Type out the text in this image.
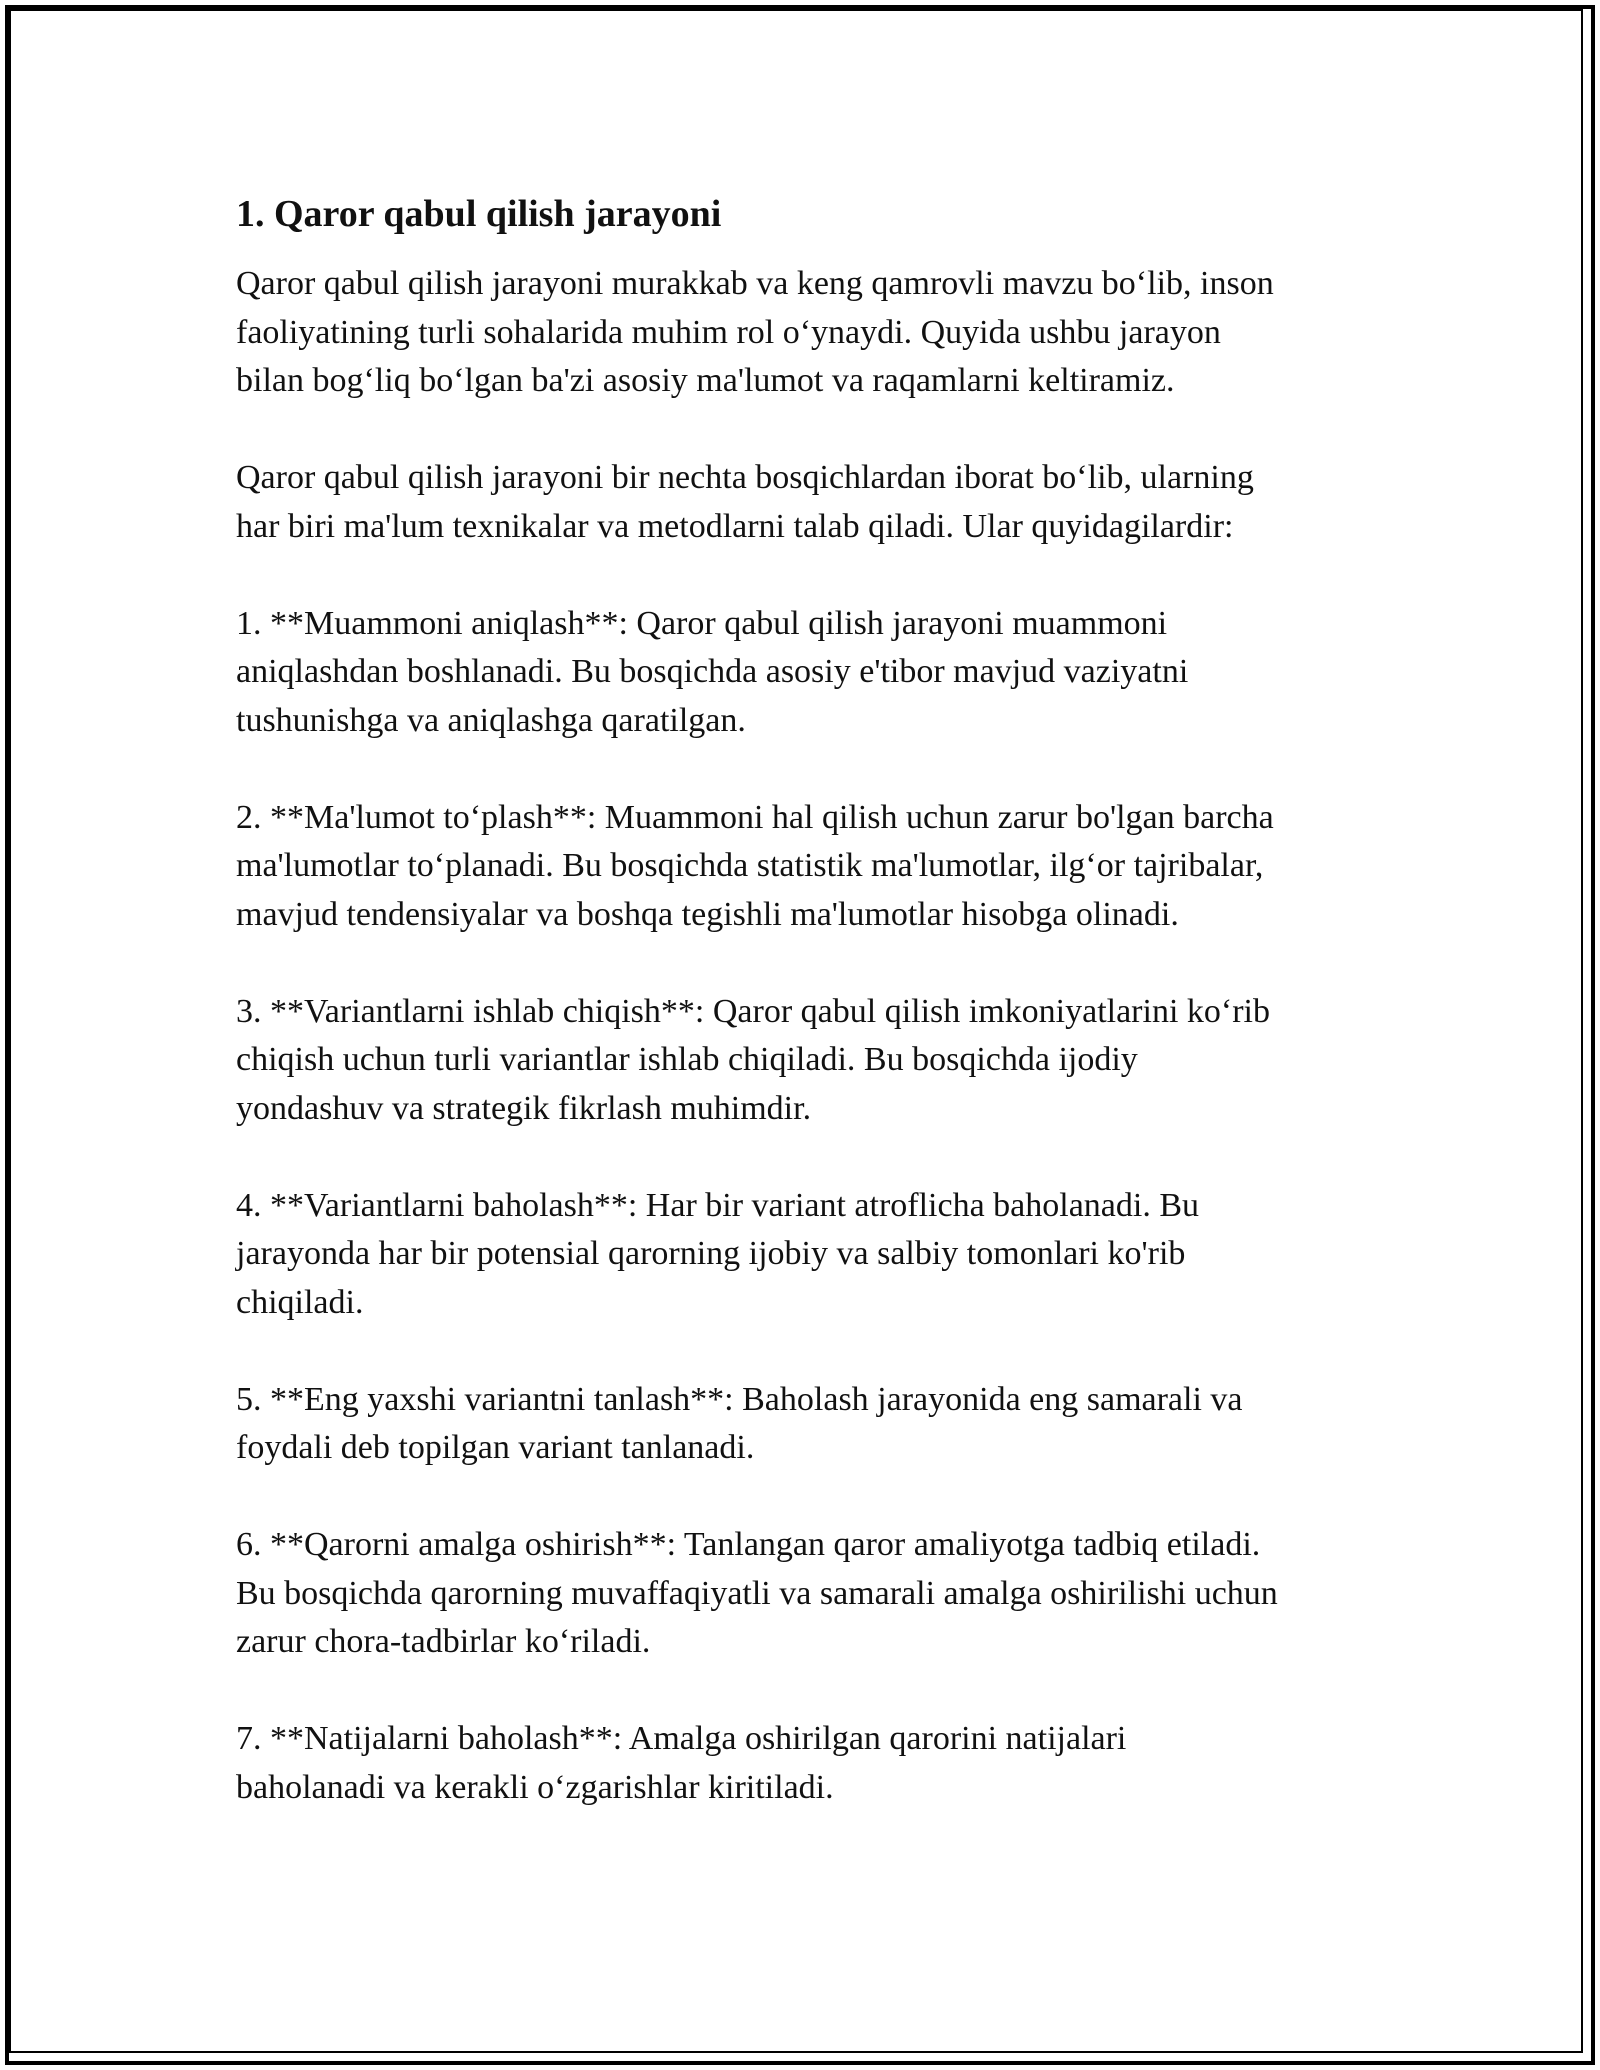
1. Qaror qabul qilish jarayoni

Qaror qabul qilish jarayoni murakkab va keng qamrovli mavzu bo‘lib, inson
faoliyatining turli sohalarida muhim rol o‘ynaydi. Quyida ushbu jarayon
bilan bog‘liq bo‘lgan ba'zi asosiy ma'lumot va raqamlarni keltiramiz.

Qaror qabul qilish jarayoni bir nechta bosqichlardan iborat bo‘lib, ularning
har biri ma'lum texnikalar va metodlarni talab qiladi. Ular quyidagilardir:

1. **Muammoni aniqlash**: Qaror qabul qilish jarayoni muammoni
aniqlashdan boshlanadi. Bu bosqichda asosiy e'tibor mavjud vaziyatni
tushunishga va aniqlashga qaratilgan.

2. **Ma'lumot to‘plash**: Muammoni hal qilish uchun zarur bo'lgan barcha
ma'lumotlar to‘planadi. Bu bosqichda statistik ma'lumotlar, ilg‘or tajribalar,
mavjud tendensiyalar va boshqa tegishli ma'lumotlar hisobga olinadi.

3. **Variantlarni ishlab chiqish**: Qaror qabul qilish imkoniyatlarini ko‘rib
chiqish uchun turli variantlar ishlab chiqiladi. Bu bosqichda ijodiy
yondashuv va strategik fikrlash muhimdir.

4. **Variantlarni baholash**: Har bir variant atroflicha baholanadi. Bu
jarayonda har bir potensial qarorning ijobiy va salbiy tomonlari ko'rib
chiqiladi.

5. **Eng yaxshi variantni tanlash**: Baholash jarayonida eng samarali va
foydali deb topilgan variant tanlanadi.

6. **Qarorni amalga oshirish**: Tanlangan qaror amaliyotga tadbiq etiladi.
Bu bosqichda qarorning muvaffaqiyatli va samarali amalga oshirilishi uchun
zarur chora-tadbirlar ko‘riladi.

7. **Natijalarni baholash**: Amalga oshirilgan qarorini natijalari
baholanadi va kerakli o‘zgarishlar kiritiladi.
